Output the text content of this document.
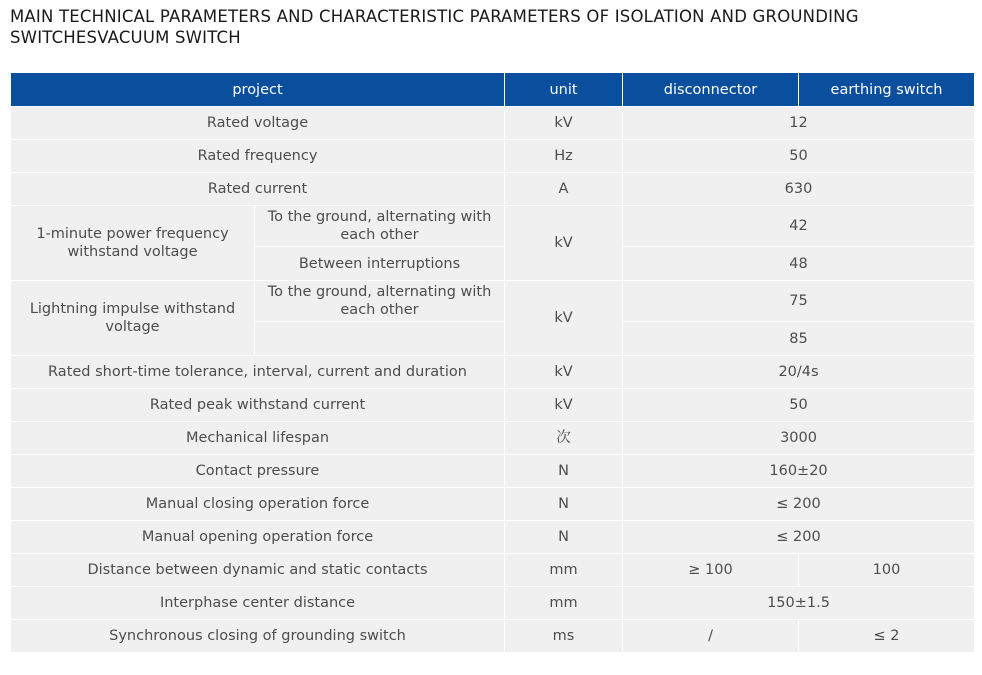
MAIN TECHNICAL PARAMETERS AND CHARACTERISTIC PARAMETERS OF ISOLATION AND GROUNDING SWITCHESVACUUM SWITCH
project		unit	disconnector	earthing switch
Rated voltage		kV	12	
Rated frequency		Hz	50	
Rated current		A	630	
1-minute power frequency withstand voltage	To the ground, alternating with each other	kV	42	
	Between interruptions		48	
Lightning impulse withstand voltage	To the ground, alternating with each other	kV	75	
			85	
Rated short-time tolerance, interval, current and duration		kV	20/4s	
Rated peak withstand current		kV	50	
Mechanical lifespan		次	3000	
Contact pressure		N	160±20	
Manual closing operation force		N	≤ 200	
Manual opening operation force		N	≤ 200	
Distance between dynamic and static contacts		mm	≥ 100	100
Interphase center distance		mm	150±1.5	
Synchronous closing of grounding switch		ms	/	≤ 2
